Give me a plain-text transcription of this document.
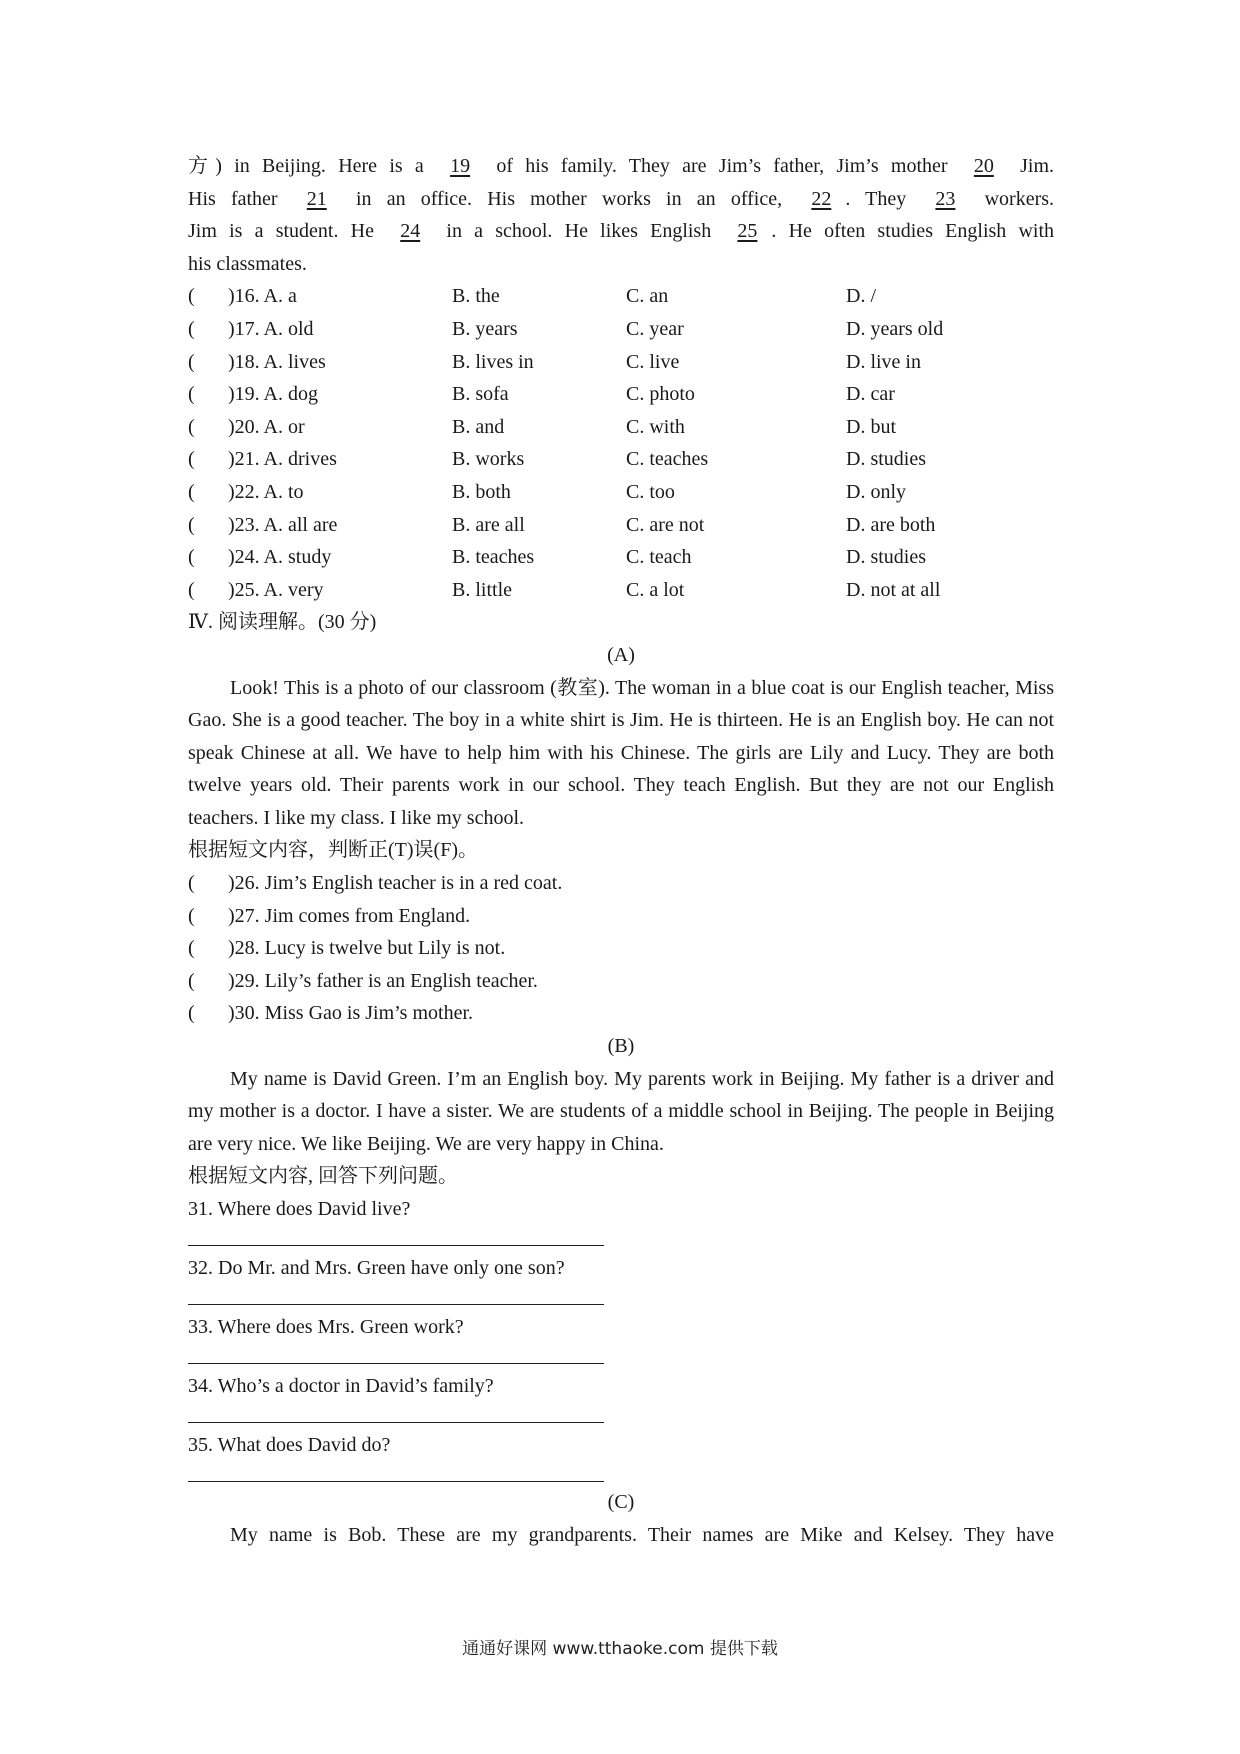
方) in Beijing. Here is a 19 of his family. They are Jim’s father, Jim’s mother 20 Jim.
His father 21 in an office. His mother works in an office, 22 . They 23 workers.
Jim is a student. He 24 in a school. He likes English 25 . He often studies English with
his classmates.
( )16. A. a	B. the	C. an	D. /
( )17. A. old	B. years	C. year	D. years old
( )18. A. lives	B. lives in	C. live	D. live in
( )19. A. dog	B. sofa	C. photo	D. car
( )20. A. or	B. and	C. with	D. but
( )21. A. drives	B. works	C. teaches	D. studies
( )22. A. to	B. both	C. too	D. only
( )23. A. all are	B. are all	C. are not	D. are both
( )24. A. study	B. teaches	C. teach	D. studies
( )25. A. very	B. little	C. a lot	D. not at all
Ⅳ. 阅读理解。(30 分)
(A)
Look! This is a photo of our classroom (教室). The woman in a blue coat is our English teacher, Miss Gao. She is a good teacher. The boy in a white shirt is Jim. He is thirteen. He is an English boy. He can not speak Chinese at all. We have to help him with his Chinese. The girls are Lily and Lucy. They are both twelve years old. Their parents work in our school. They teach English. But they are not our English teachers. I like my class. I like my school.
根据短文内容，判断正(T)误(F)。
( )26. Jim’s English teacher is in a red coat.
( )27. Jim comes from England.
( )28. Lucy is twelve but Lily is not.
( )29. Lily’s father is an English teacher.
( )30. Miss Gao is Jim’s mother.
(B)
My name is David Green. I’m an English boy. My parents work in Beijing. My father is a driver and my mother is a doctor. I have a sister. We are students of a middle school in Beijing. The people in Beijing are very nice. We like Beijing. We are very happy in China.
根据短文内容, 回答下列问题。
31. Where does David live?
32. Do Mr. and Mrs. Green have only one son?
33. Where does Mrs. Green work?
34. Who’s a doctor in David’s family?
35. What does David do?
(C)
My name is Bob. These are my grandparents. Their names are Mike and Kelsey. They have
通通好课网 www.tthaoke.com 提供下载
